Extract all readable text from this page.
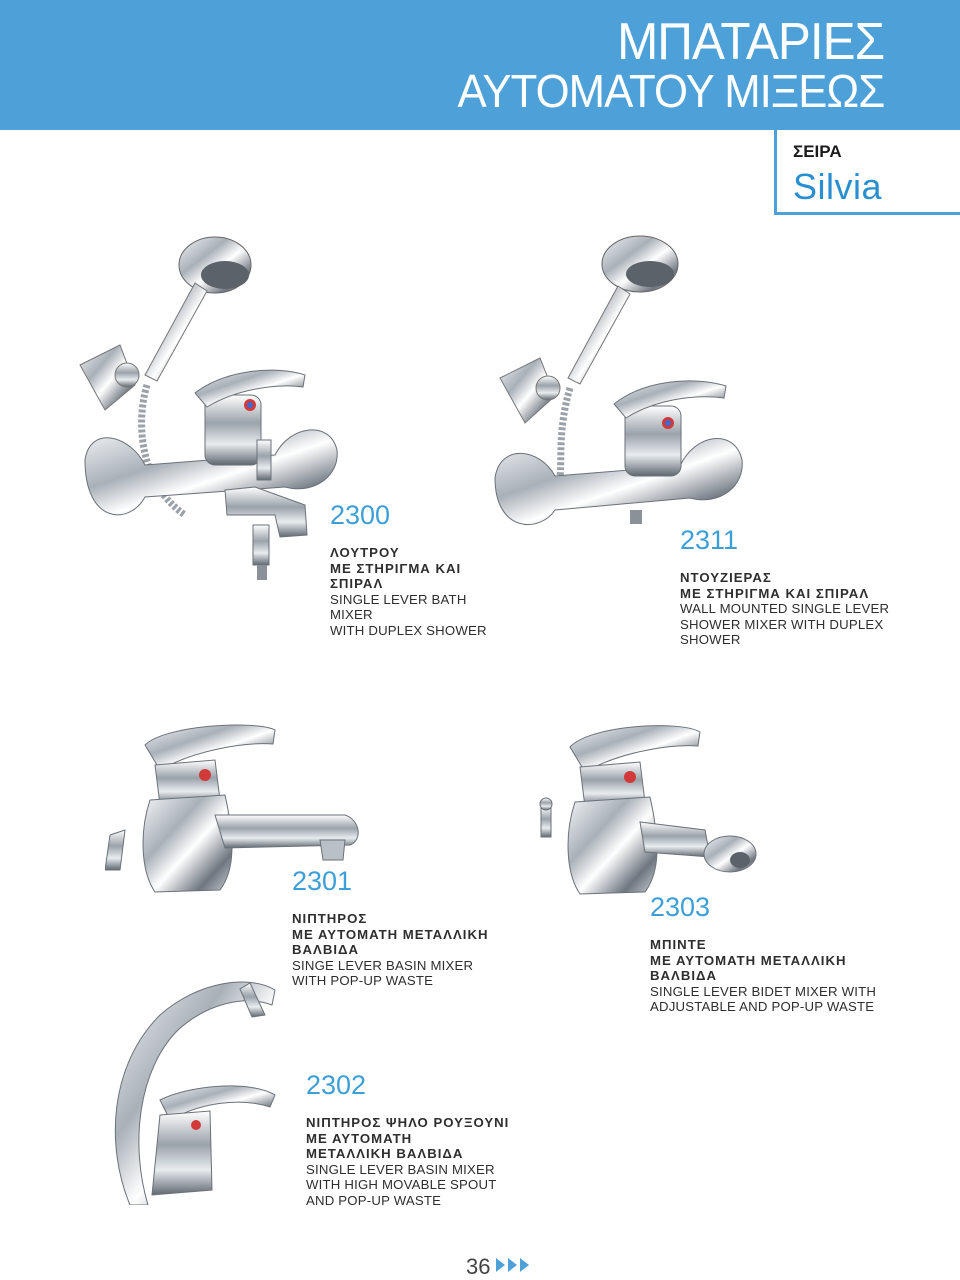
ΜΠΑΤΑΡΙΕΣ
ΑΥΤΟΜΑΤΟΥ ΜΙΞΕΩΣ
ΣΕΙΡΑ
Silvia
2300
ΛΟΥΤΡΟΥ
ΜΕ ΣΤΗΡΙΓΜΑ ΚΑΙ
ΣΠΙΡΑΛ
SINGLE LEVER BATH
MIXER
WITH DUPLEX SHOWER
2311
ΝΤΟΥΖΙΕΡΑΣ
ΜΕ ΣΤΗΡΙΓΜΑ ΚΑΙ ΣΠΙΡΑΛ
WALL MOUNTED SINGLE LEVER
SHOWER MIXER WITH DUPLEX
SHOWER
2301
ΝΙΠΤΗΡΟΣ
ΜΕ ΑΥΤΟΜΑΤΗ ΜΕΤΑΛΛΙΚΗ
ΒΑΛΒΙΔΑ
SINGE LEVER BASIN MIXER
WITH POP-UP WASTE
2303
ΜΠΙΝΤΕ
ΜΕ ΑΥΤΟΜΑΤΗ ΜΕΤΑΛΛΙΚΗ
ΒΑΛΒΙΔΑ
SINGLE LEVER BIDET MIXER WITH
ADJUSTABLE AND POP-UP WASTE
2302
ΝΙΠΤΗΡΟΣ ΨΗΛΟ ΡΟΥΞΟΥΝΙ
ΜΕ ΑΥΤΟΜΑΤΗ
ΜΕΤΑΛΛΙΚΗ ΒΑΛΒΙΔΑ
SINGLE LEVER BASIN MIXER
WITH HIGH MOVABLE SPOUT
AND POP-UP WASTE
36
